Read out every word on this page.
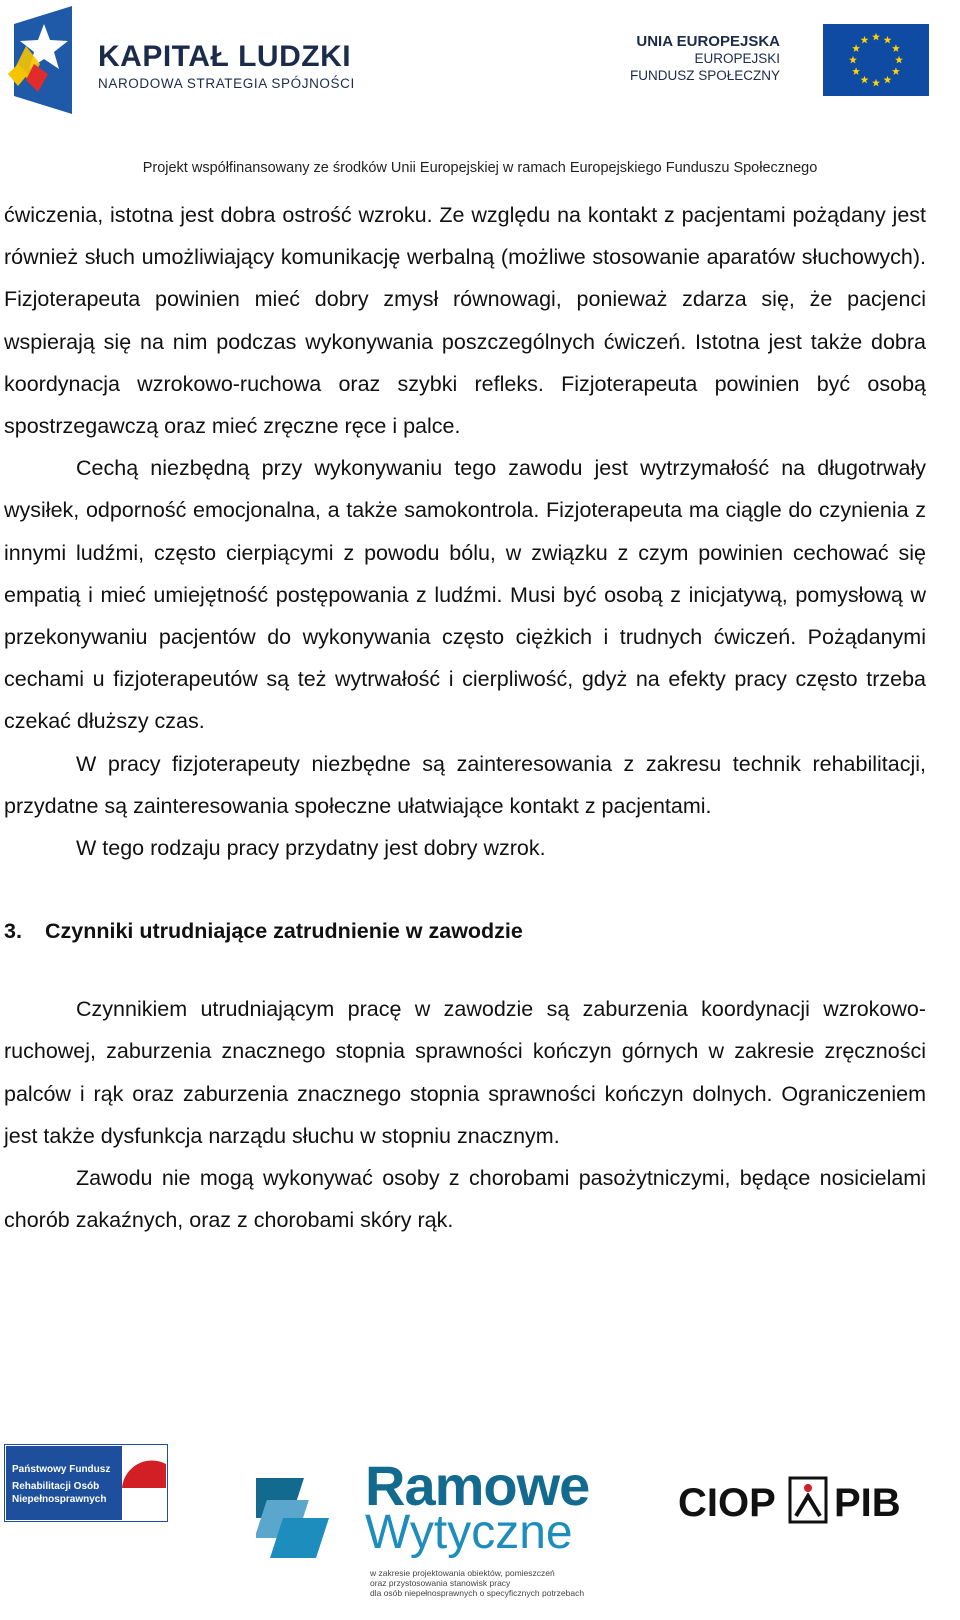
KAPITAŁ LUDZKI
NARODOWA STRATEGIA SPÓJNOŚCI
UNIA EUROPEJSKA
EUROPEJSKI
FUNDUSZ SPOŁECZNY
Projekt współfinansowany ze środków Unii Europejskiej w ramach Europejskiego Funduszu Społecznego

ćwiczenia, istotna jest dobra ostrość wzroku. Ze względu na kontakt z pacjentami pożądany jest również słuch umożliwiający komunikację werbalną (możliwe stosowanie aparatów słuchowych). Fizjoterapeuta powinien mieć dobry zmysł równowagi, ponieważ zdarza się, że pacjenci wspierają się na nim podczas wykonywania poszczególnych ćwiczeń. Istotna jest także dobra koordynacja wzrokowo-ruchowa oraz szybki refleks. Fizjoterapeuta powinien być osobą spostrzegawczą oraz mieć zręczne ręce i palce.

Cechą niezbędną przy wykonywaniu tego zawodu jest wytrzymałość na długotrwały wysiłek, odporność emocjonalna, a także samokontrola. Fizjoterapeuta ma ciągle do czynienia z innymi ludźmi, często cierpiącymi z powodu bólu, w związku z czym powinien cechować się empatią i mieć umiejętność postępowania z ludźmi. Musi być osobą z inicjatywą, pomysłową w przekonywaniu pacjentów do wykonywania często ciężkich i trudnych ćwiczeń. Pożądanymi cechami u fizjoterapeutów są też wytrwałość i cierpliwość, gdyż na efekty pracy często trzeba czekać dłuższy czas.

W pracy fizjoterapeuty niezbędne są zainteresowania z zakresu technik rehabilitacji, przydatne są zainteresowania społeczne ułatwiające kontakt z pacjentami.

W tego rodzaju pracy przydatny jest dobry wzrok.

3. Czynniki utrudniające zatrudnienie w zawodzie

Czynnikiem utrudniającym pracę w zawodzie są zaburzenia koordynacji wzrokowo-ruchowej, zaburzenia znacznego stopnia sprawności kończyn górnych w zakresie zręczności palców i rąk oraz zaburzenia znacznego stopnia sprawności kończyn dolnych. Ograniczeniem jest także dysfunkcja narządu słuchu w stopniu znacznym.

Zawodu nie mogą wykonywać osoby z chorobami pasożytniczymi, będące nosicielami chorób zakaźnych, oraz z chorobami skóry rąk.

Państwowy Fundusz
Rehabilitacji Osób
Niepełnosprawnych	Ramowe
Wytyczne
w zakresie projektowania obiektów, pomieszczeń
oraz przystosowania stanowisk pracy
dla osób niepełnosprawnych o specyficznych potrzebach
CIOP PIB
